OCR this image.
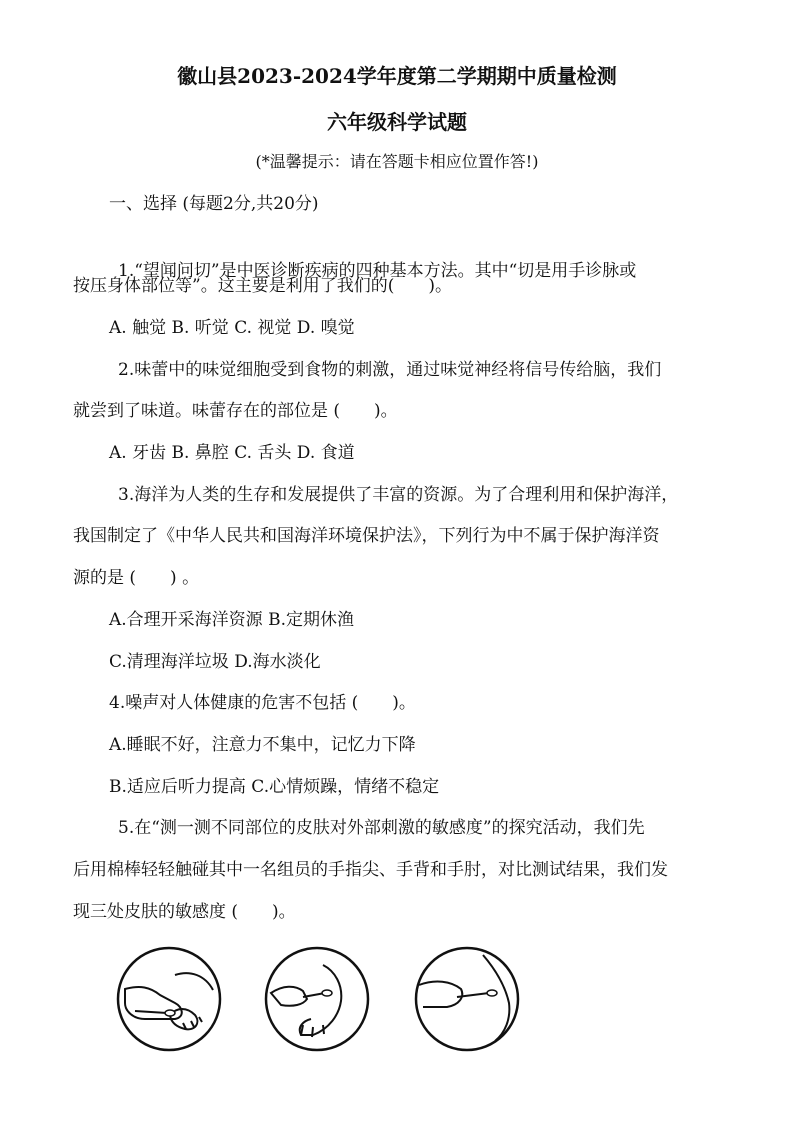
徽山县2023-2024学年度第二学期期中质量检测
六年级科学试题
(*温馨提示：请在答题卡相应位置作答!)
一、选择 (每题2分,共20分)
1.“望闻问切”是中医诊断疾病的四种基本方法。其中“切是用手诊脉或
按压身体部位等”。这主要是利用了我们的(　　)。
A. 触觉 B. 听觉 C. 视觉 D. 嗅觉
2.味蕾中的味觉细胞受到食物的刺激，通过味觉神经将信号传给脑，我们
就尝到了味道。味蕾存在的部位是 (　　)。
A. 牙齿 B. 鼻腔 C. 舌头 D. 食道
3.海洋为人类的生存和发展提供了丰富的资源。为了合理利用和保护海洋，
我国制定了《中华人民共和国海洋环境保护法》，下列行为中不属于保护海洋资
源的是 (　　) 。
A.合理开采海洋资源 B.定期休渔
C.清理海洋垃圾 D.海水淡化
4.噪声对人体健康的危害不包括 (　　)。
A.睡眠不好，注意力不集中，记忆力下降
B.适应后听力提高 C.心情烦躁，情绪不稳定
5.在“测一测不同部位的皮肤对外部刺激的敏感度”的探究活动，我们先
后用棉棒轻轻触碰其中一名组员的手指尖、手背和手肘，对比测试结果，我们发
现三处皮肤的敏感度 (　　)。
